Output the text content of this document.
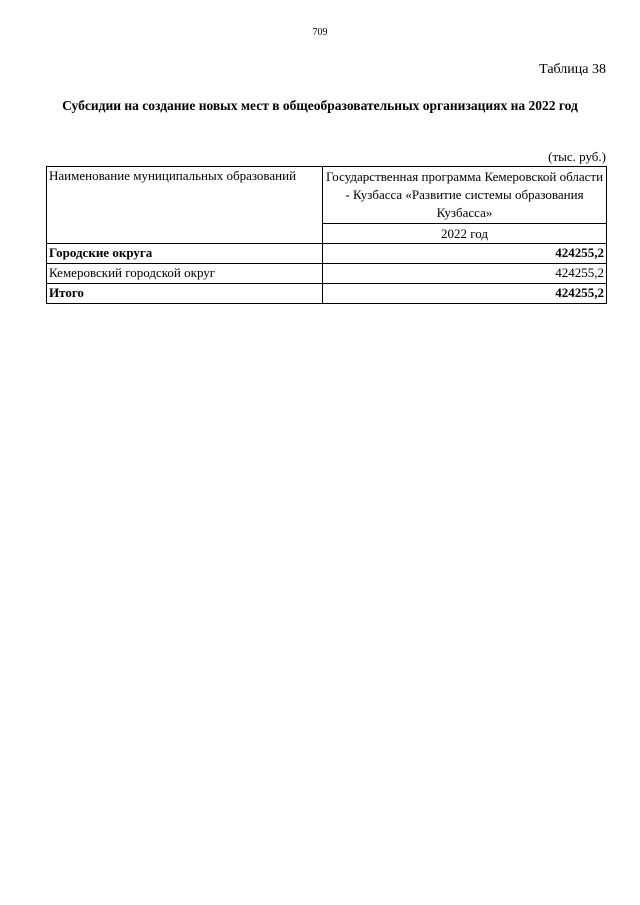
709
Таблица 38
Субсидии на создание новых мест в общеобразовательных организациях на 2022 год
(тыс. руб.)
Наименование муниципальных образований	Государственная программа Кемеровской области - Кузбасса «Развитие системы образования Кузбасса»
	2022 год
Городские округа	424255,2
Кемеровский городской округ	424255,2
Итого	424255,2
